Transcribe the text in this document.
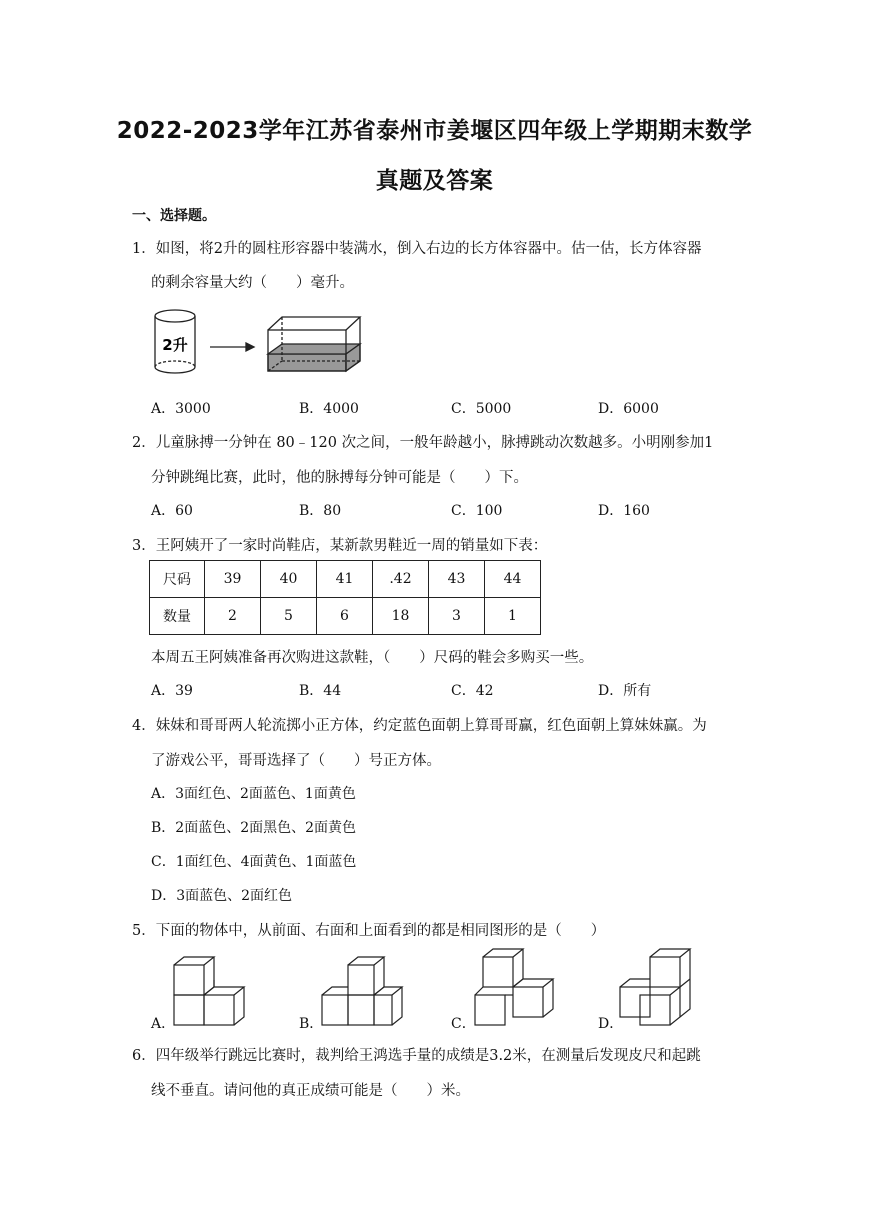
2022-2023学年江苏省泰州市姜堰区四年级上学期期末数学
真题及答案
一、选择题。
1．如图，将2升的圆柱形容器中装满水，倒入右边的长方体容器中。估一估，长方体容器
的剩余容量大约（　　）毫升。
2升
A．3000	B．4000	C．5000	D．6000
2．儿童脉搏一分钟在 80﹣120 次之间，一般年龄越小，脉搏跳动次数越多。小明刚参加1
分钟跳绳比赛，此时，他的脉搏每分钟可能是（　　）下。
A．60	B．80	C．100	D．160
3．王阿姨开了一家时尚鞋店，某新款男鞋近一周的销量如下表：
尺码	39	40	41	.42	43	44
数量	2	5	6	18	3	1
本周五王阿姨准备再次购进这款鞋，（　　）尺码的鞋会多购买一些。
A．39	B．44	C．42	D．所有
4．妹妹和哥哥两人轮流掷小正方体，约定蓝色面朝上算哥哥赢，红色面朝上算妹妹赢。为
了游戏公平，哥哥选择了（　　）号正方体。
A．3面红色、2面蓝色、1面黄色
B．2面蓝色、2面黑色、2面黄色
C．1面红色、4面黄色、1面蓝色
D．3面蓝色、2面红色
5．下面的物体中，从前面、右面和上面看到的都是相同图形的是（　　）
A．	B．	C．	D．
6．四年级举行跳远比赛时，裁判给王鸿选手量的成绩是3.2米，在测量后发现皮尺和起跳
线不垂直。请问他的真正成绩可能是（　　）米。
